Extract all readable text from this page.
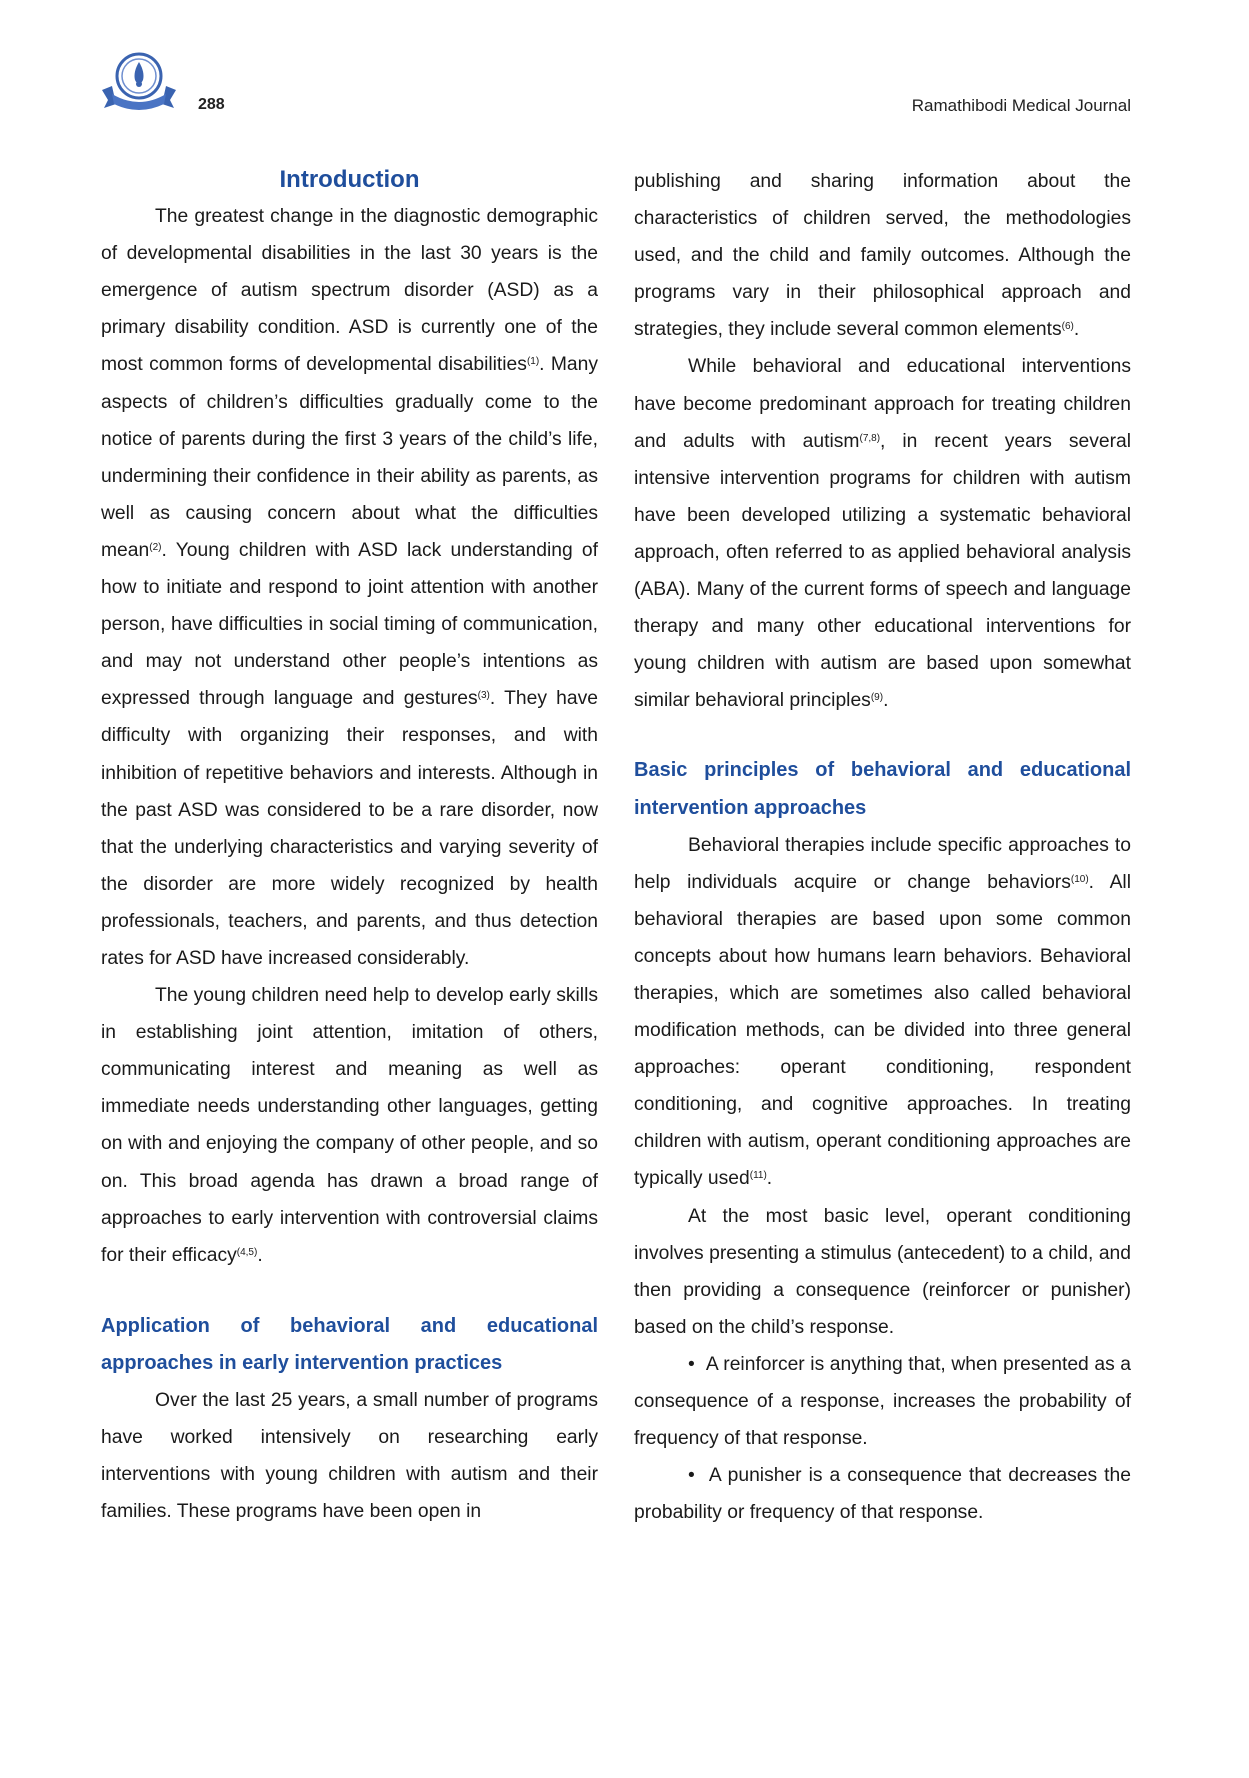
288	Ramathibodi Medical Journal
Introduction

The greatest change in the diagnostic demographic of developmental disabilities in the last 30 years is the emergence of autism spectrum disorder (ASD) as a primary disability condition. ASD is currently one of the most common forms of developmental disabilities$^{(1)}$. Many aspects of children’s difficulties gradually come to the notice of parents during the first 3 years of the child’s life, undermining their confidence in their ability as parents, as well as causing concern about what the difficulties mean$^{(2)}$. Young children with ASD lack understanding of how to initiate and respond to joint attention with another person, have difficulties in social timing of communication, and may not understand other people’s intentions as expressed through language and gestures$^{(3)}$. They have difficulty with organizing their responses, and with inhibition of repetitive behaviors and interests. Although in the past ASD was considered to be a rare disorder, now that the underlying characteristics and varying severity of the disorder are more widely recognized by health professionals, teachers, and parents, and thus detection rates for ASD have increased considerably.

The young children need help to develop early skills in establishing joint attention, imitation of others, communicating interest and meaning as well as immediate needs understanding other languages, getting on with and enjoying the company of other people, and so on. This broad agenda has drawn a broad range of approaches to early intervention with controversial claims for their efficacy$^{(4,5)}$.

Application of behavioral and educational approaches in early intervention practices

Over the last 25 years, a small number of programs have worked intensively on researching early interventions with young children with autism and their families. These programs have been open in

publishing and sharing information about the characteristics of children served, the methodologies used, and the child and family outcomes. Although the programs vary in their philosophical approach and strategies, they include several common elements$^{(6)}$.

While behavioral and educational interventions have become predominant approach for treating children and adults with autism$^{(7,8)}$, in recent years several intensive intervention programs for children with autism have been developed utilizing a systematic behavioral approach, often referred to as applied behavioral analysis (ABA). Many of the current forms of speech and language therapy and many other educational interventions for young children with autism are based upon somewhat similar behavioral principles$^{(9)}$.

Basic principles of behavioral and educational intervention approaches

Behavioral therapies include specific approaches to help individuals acquire or change behaviors$^{(10)}$. All behavioral therapies are based upon some common concepts about how humans learn behaviors. Behavioral therapies, which are sometimes also called behavioral modification methods, can be divided into three general approaches: operant conditioning, respondent conditioning, and cognitive approaches. In treating children with autism, operant conditioning approaches are typically used$^{(11)}$.

At the most basic level, operant conditioning involves presenting a stimulus (antecedent) to a child, and then providing a consequence (reinforcer or punisher) based on the child’s response.

• A reinforcer is anything that, when presented as a consequence of a response, increases the probability of frequency of that response.

• A punisher is a consequence that decreases the probability or frequency of that response.
